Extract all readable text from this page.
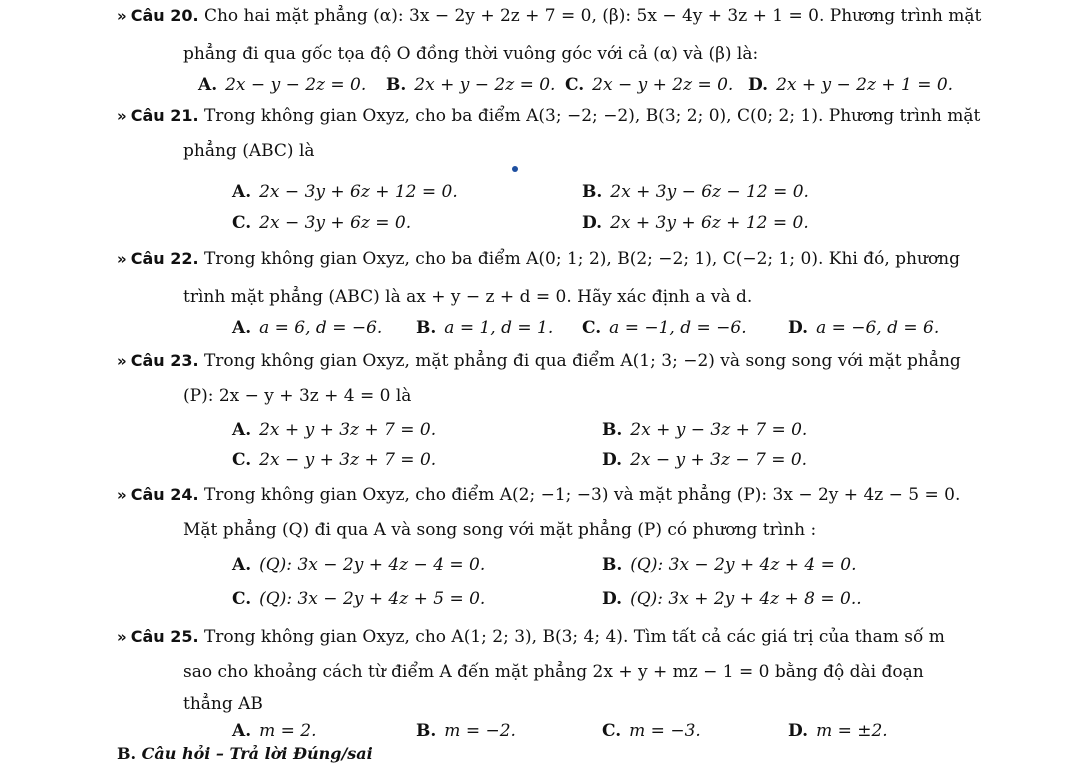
» Câu 20. Cho hai mặt phẳng (α): 3x − 2y + 2z + 7 = 0, (β): 5x − 4y + 3z + 1 = 0. Phương trình mặt
phẳng đi qua gốc tọa độ O đồng thời vuông góc với cả (α) và (β) là:
A. 2x − y − 2z = 0. B. 2x + y − 2z = 0. C. 2x − y + 2z = 0. D. 2x + y − 2z + 1 = 0.
» Câu 21. Trong không gian Oxyz, cho ba điểm A(3; −2; −2), B(3; 2; 0), C(0; 2; 1). Phương trình mặt
phẳng (ABC) là
A. 2x − 3y + 6z + 12 = 0.	B. 2x + 3y − 6z − 12 = 0.
C. 2x − 3y + 6z = 0.	D. 2x + 3y + 6z + 12 = 0.
» Câu 22. Trong không gian Oxyz, cho ba điểm A(0; 1; 2), B(2; −2; 1), C(−2; 1; 0). Khi đó, phương
trình mặt phẳng (ABC) là ax + y − z + d = 0. Hãy xác định a và d.
A. a = 6, d = −6. B. a = 1, d = 1. C. a = −1, d = −6. D. a = −6, d = 6.
» Câu 23. Trong không gian Oxyz, mặt phẳng đi qua điểm A(1; 3; −2) và song song với mặt phẳng
(P): 2x − y + 3z + 4 = 0 là
A. 2x + y + 3z + 7 = 0.	B. 2x + y − 3z + 7 = 0.
C. 2x − y + 3z + 7 = 0.	D. 2x − y + 3z − 7 = 0.
» Câu 24. Trong không gian Oxyz, cho điểm A(2; −1; −3) và mặt phẳng (P): 3x − 2y + 4z − 5 = 0.
Mặt phẳng (Q) đi qua A và song song với mặt phẳng (P) có phương trình :
A. (Q): 3x − 2y + 4z − 4 = 0.	B. (Q): 3x − 2y + 4z + 4 = 0.
C. (Q): 3x − 2y + 4z + 5 = 0.	D. (Q): 3x + 2y + 4z + 8 = 0..
» Câu 25. Trong không gian Oxyz, cho A(1; 2; 3), B(3; 4; 4). Tìm tất cả các giá trị của tham số m
sao cho khoảng cách từ điểm A đến mặt phẳng 2x + y + mz − 1 = 0 bằng độ dài đoạn
thẳng AB
A. m = 2.	B. m = −2.	C. m = −3.	D. m = ±2.
B. Câu hỏi – Trả lời Đúng/sai
